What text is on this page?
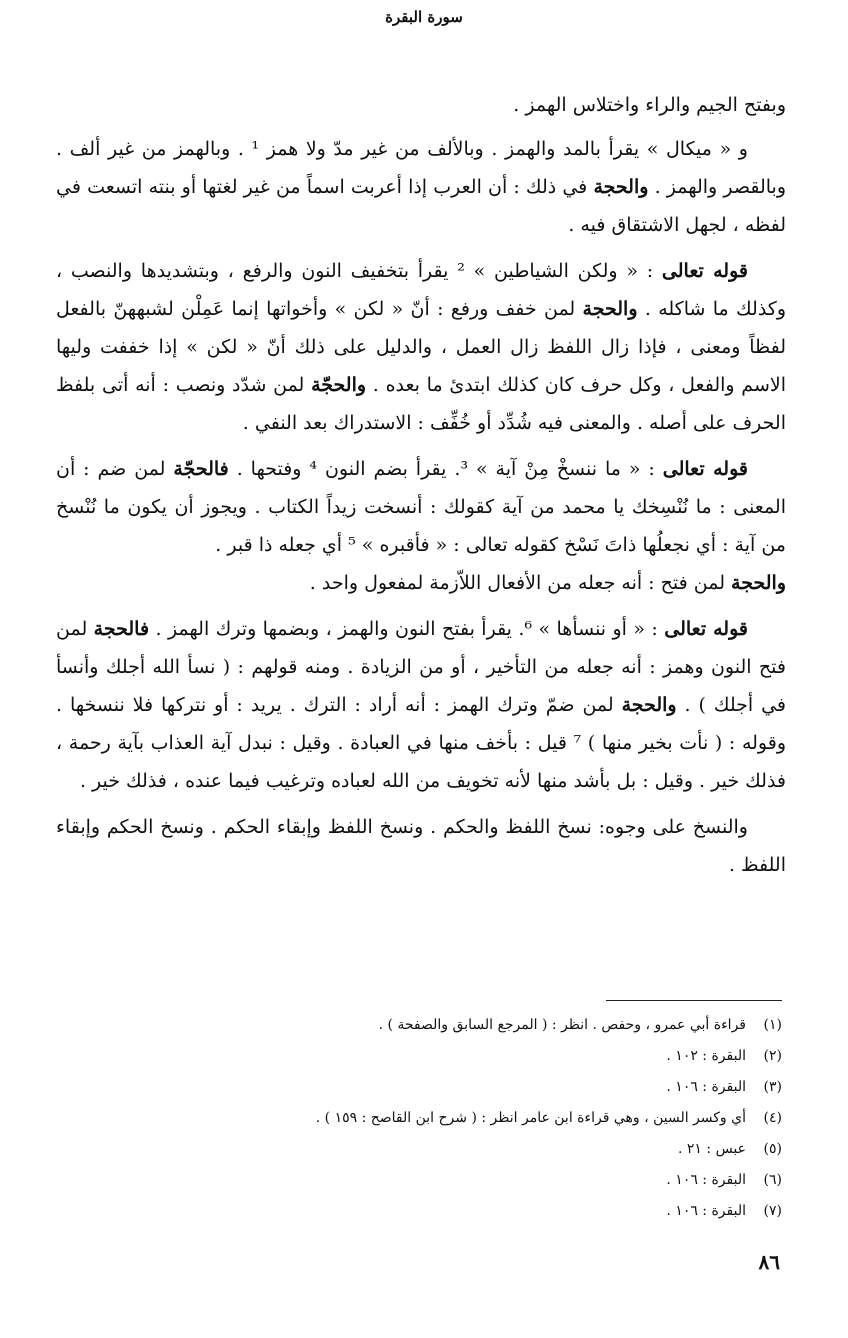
سورة البقرة

وبفتح الجيم والراء واختلاس الهمز .

و « ميكال » يقرأ بالمد والهمز . وبالألف من غير مدّ ولا همز ¹ . وبالهمز من غير ألف . وبالقصر والهمز . والحجة في ذلك : أن العرب إذا أعربت اسماً من غير لغتها أو بنته اتسعت في لفظه ، لجهل الاشتقاق فيه .

قوله تعالى : « ولكن الشياطين » ² يقرأ بتخفيف النون والرفع ، وبتشديدها والنصب ، وكذلك ما شاكله . والحجة لمن خفف ورفع : أنّ « لكن » وأخواتها إنما عَمِلْن لشبههنّ بالفعل لفظاً ومعنى ، فإذا زال اللفظ زال العمل ، والدليل على ذلك أنّ « لكن » إذا خففت وليها الاسم والفعل ، وكل حرف كان كذلك ابتدئ ما بعده . والحجّة لمن شدّد ونصب : أنه أتى بلفظ الحرف على أصله . والمعنى فيه شُدِّد أو خُفِّف : الاستدراك بعد النفي .

قوله تعالى : « ما ننسخْ مِنْ آية » ³. يقرأ بضم النون ⁴ وفتحها . فالحجّة لمن ضم : أن المعنى : ما نُنْسِخك يا محمد من آية كقولك : أنسخت زيداً الكتاب . ويجوز أن يكون ما نُنْسخ من آية : أي نجعلُها ذاتَ نَسْخ كقوله تعالى : « فأقبره » ⁵ أي جعله ذا قبر .
والحجة لمن فتح : أنه جعله من الأفعال اللاّزمة لمفعول واحد .

قوله تعالى : « أو ننسأها » ⁶. يقرأ بفتح النون والهمز ، وبضمها وترك الهمز . فالحجة لمن فتح النون وهمز : أنه جعله من التأخير ، أو من الزيادة . ومنه قولهم : ( نسأ الله أجلك وأنسأ في أجلك ) . والحجة لمن ضمّ وترك الهمز : أنه أراد : الترك . يريد : أو نتركها فلا ننسخها . وقوله : ( نأت بخير منها ) ⁷ قيل : بأخف منها في العبادة . وقيل : نبدل آية العذاب بآية رحمة ، فذلك خير . وقيل : بل بأشد منها لأنه تخويف من الله لعباده وترغيب فيما عنده ، فذلك خير .

والنسخ على وجوه: نسخ اللفظ والحكم . ونسخ اللفظ وإبقاء الحكم . ونسخ الحكم وإبقاء اللفظ .

(١)قراءة أبي عمرو ، وحفص . انظر : ( المرجع السابق والصفحة ) .
(٢)البقرة : ١٠٢ .
(٣)البقرة : ١٠٦ .
(٤)أي وكسر السين ، وهي قراءة ابن عامر انظر : ( شرح ابن القاصح : ١٥٩ ) .
(٥)عبس : ٢١ .
(٦)البقرة : ١٠٦ .
(٧)البقرة : ١٠٦ .
٨٦
